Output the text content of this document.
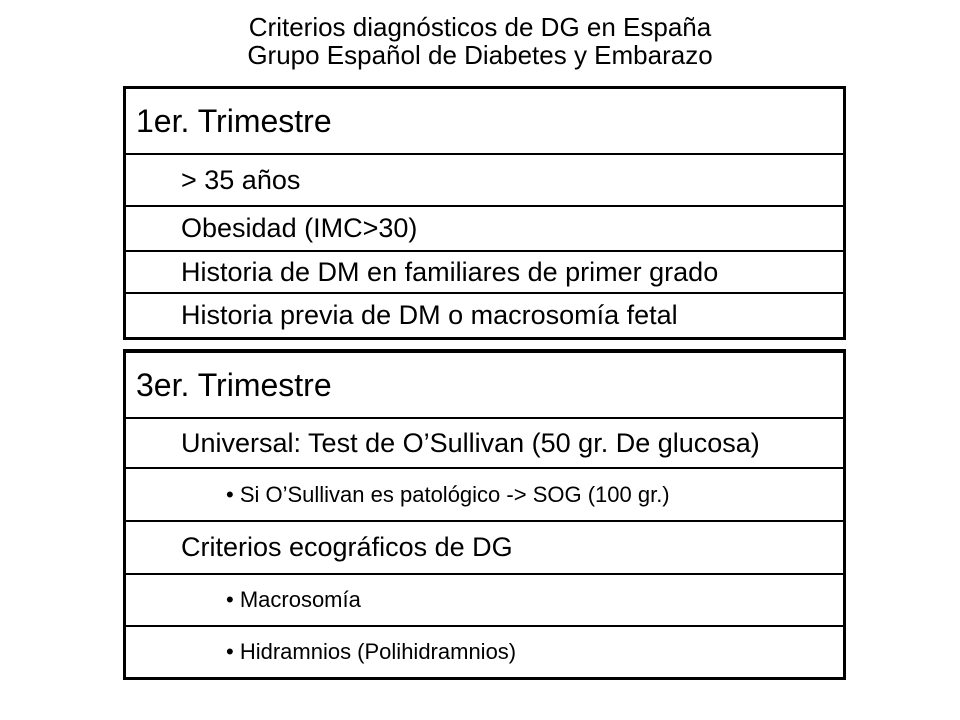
Criterios diagnósticos de DG en España
Grupo Español de Diabetes y Embarazo
1er. Trimestre
> 35 años
Obesidad (IMC>30)
Historia de DM en familiares de primer grado
Historia previa de DM o macrosomía fetal
3er. Trimestre
Universal: Test de O’Sullivan (50 gr. De glucosa)
• Si O’Sullivan es patológico -> SOG (100 gr.)
Criterios ecográficos de DG
• Macrosomía
• Hidramnios (Polihidramnios)
